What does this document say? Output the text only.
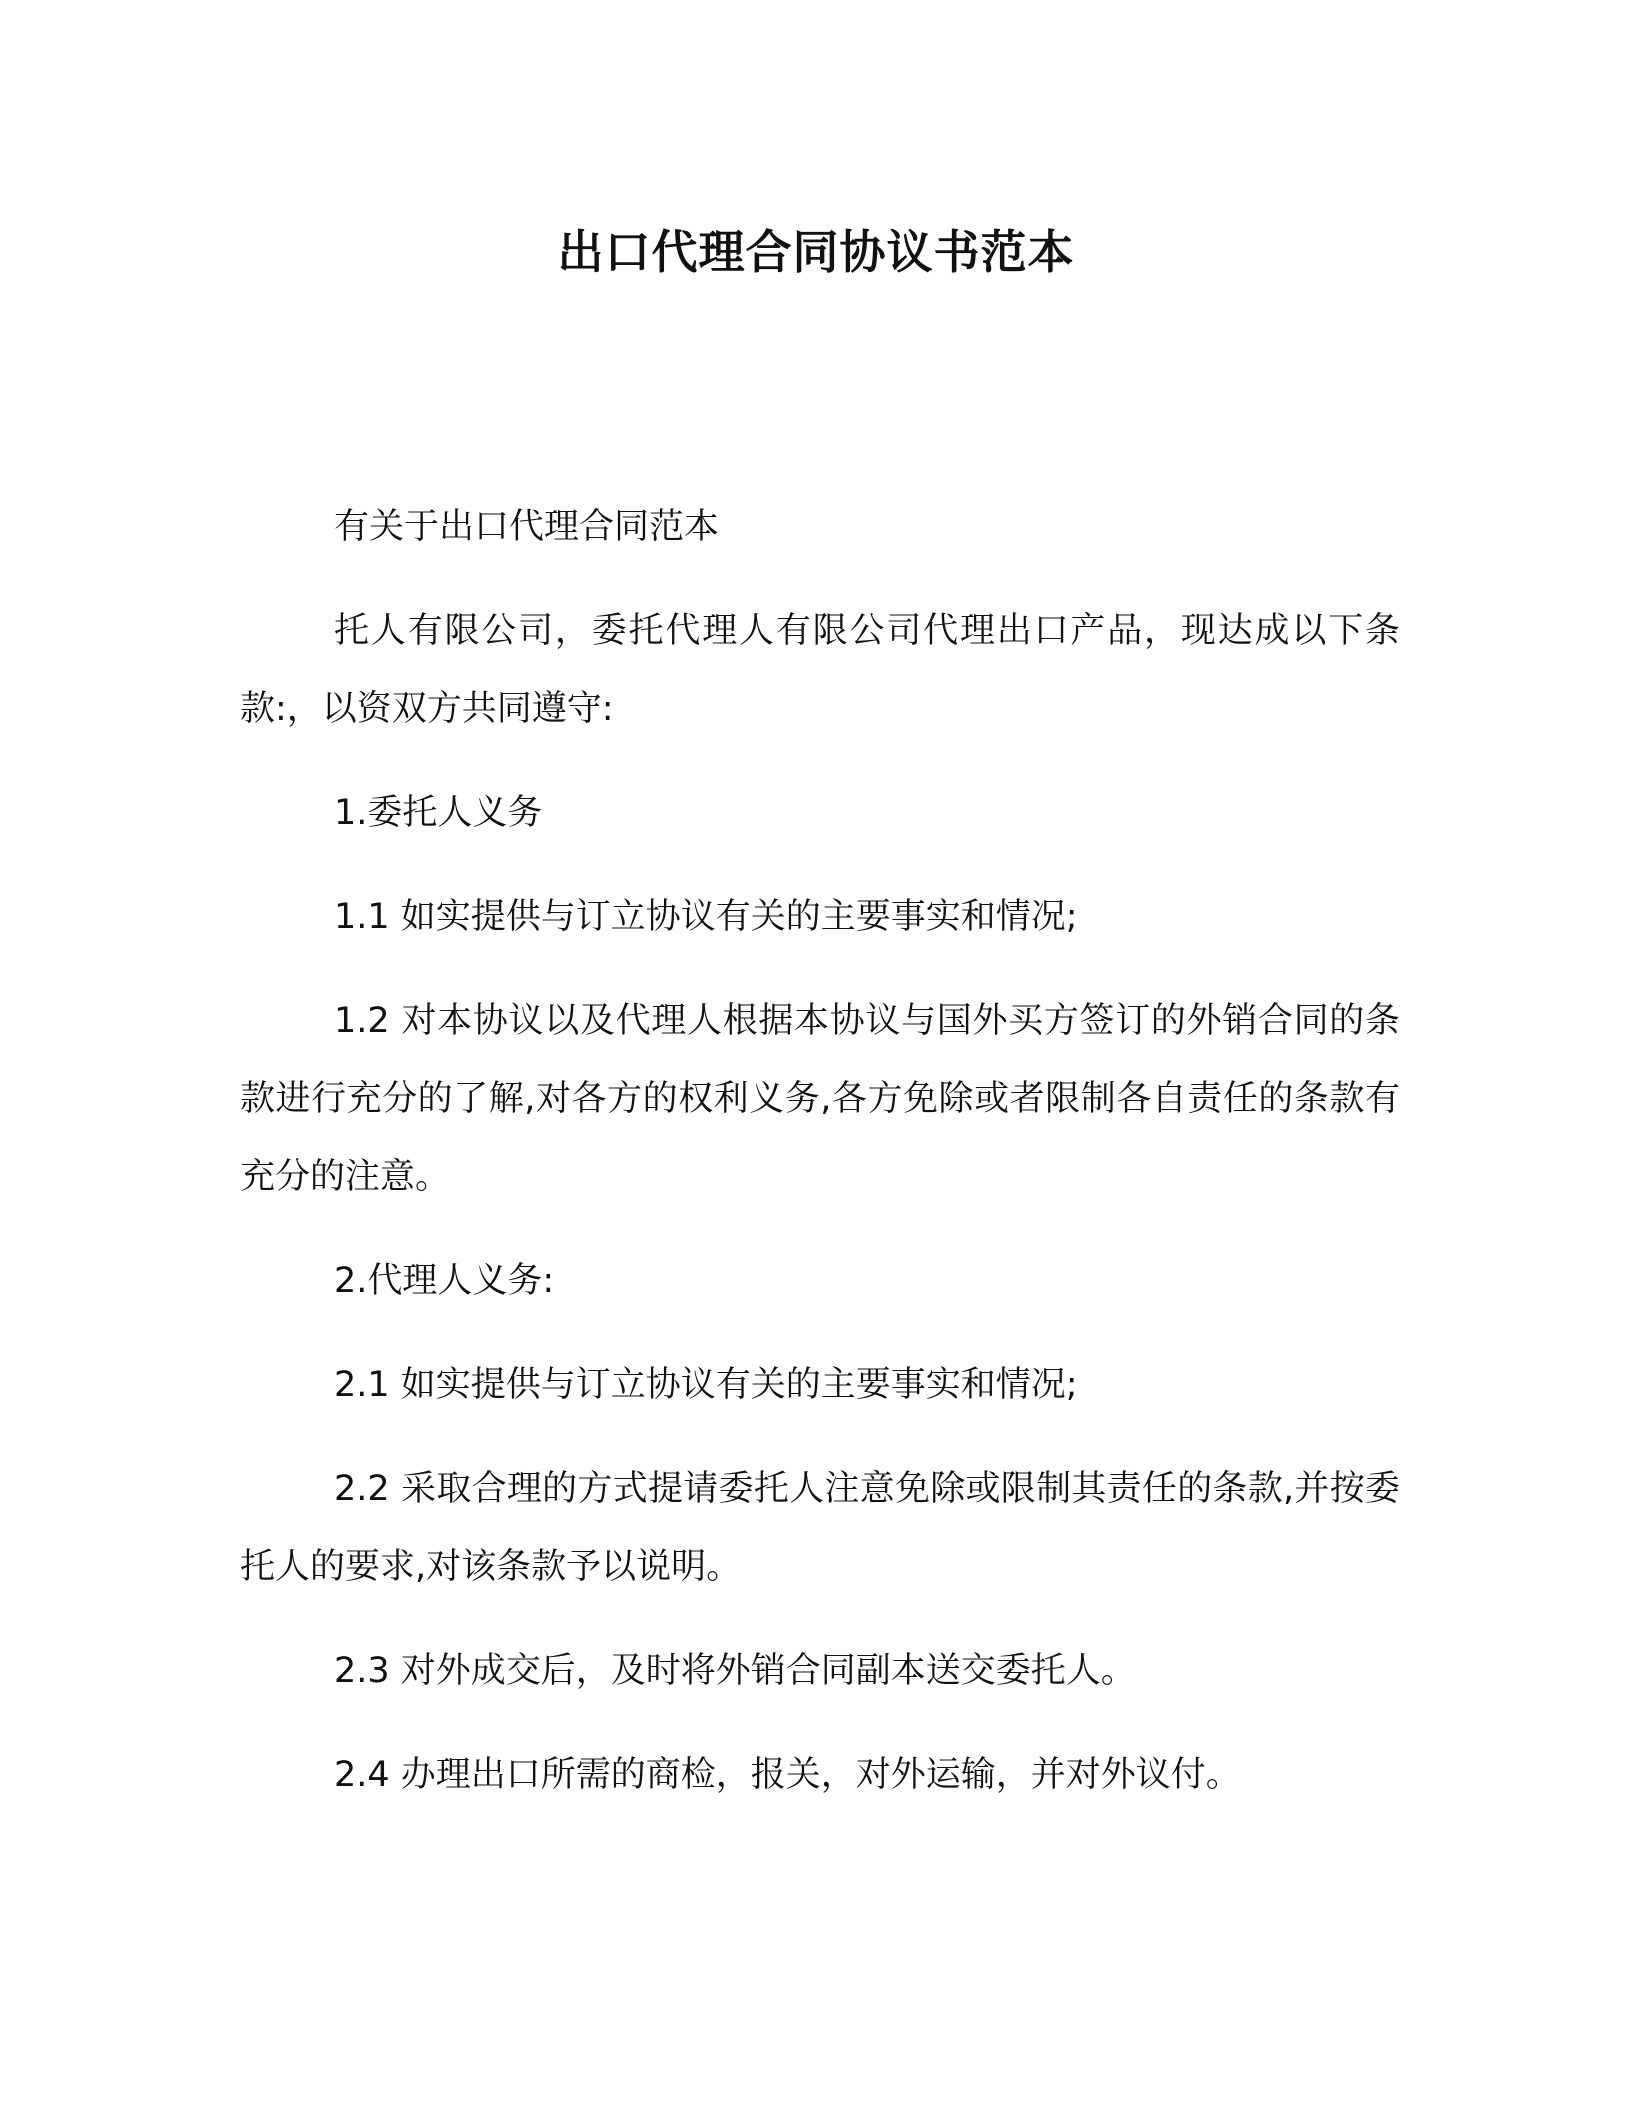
出口代理合同协议书范本

有关于出口代理合同范本

托人有限公司，委托代理人有限公司代理出口产品，现达成以下条款:，以资双方共同遵守:

1.委托人义务

1.1 如实提供与订立协议有关的主要事实和情况;

1.2 对本协议以及代理人根据本协议与国外买方签订的外销合同的条款进行充分的了解,对各方的权利义务,各方免除或者限制各自责任的条款有充分的注意。

2.代理人义务:

2.1 如实提供与订立协议有关的主要事实和情况;

2.2 采取合理的方式提请委托人注意免除或限制其责任的条款,并按委托人的要求,对该条款予以说明。

2.3 对外成交后，及时将外销合同副本送交委托人。

2.4 办理出口所需的商检，报关，对外运输，并对外议付。
